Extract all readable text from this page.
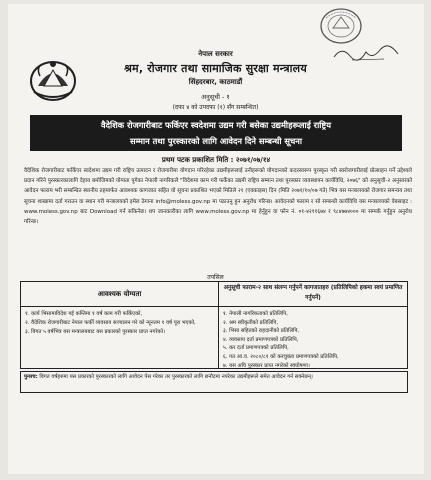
नेपाल सरकार
श्रम, रोजगार तथा सामाजिक सुरक्षा मन्त्रालय
सिंहदरबार, काठमाडौं
अनुसूची - १
(दफा ४ को उपदफा (१) सँग सम्बन्धित)
वैदेशिक रोजगारीबाट फर्किएर स्वदेशमा उद्यम गरी बसेका उद्यमीहरूलाई राष्ट्रिय
सम्मान तथा पुरस्कारको लागि आवेदन दिने सम्बन्धी सूचना
प्रथम पटक प्रकाशित मिति : २०७१/०७/१४
वैदेशिक रोजगारीबाट फर्किएर स्वदेशमा उद्यम गरी राष्ट्रिय उत्पादन र रोजगारीमा योगदान गरिरहेका उद्यमीहरूलाई उनीहरूको योगदानको कदरस्वरूप पुरस्कृत गरी स्वरोजगारीलाई प्रोत्साहन गर्ने उद्देश्यले प्रदान गरिने पुरस्कारकालागि देहाय बमोजिमको योग्यता पुगेका नेपाली नागरिकले "विदेशमा काम गरी फर्केका उद्यमी राष्ट्रिय सम्मान तथा पुरस्कार व्यवस्थापन कार्यविधि, २०७६" को अनुसूची-२ अनुसारको आवेदन फाराम भरी सम्बन्धित स्थानीय तहमार्फत आवश्यक कागजात सहित यो सूचना प्रकाशित भएको मितिले २१ (एक्काइस) दिन (मिति २०७१/१०/०७ गते) भित्र यस मन्त्रालयको रोजगार समन्वय तथा सूचना शाखामा दर्ता गराउन वा स्थान गरी मन्त्रालयको इमेल ठेगाना info@moless.gov.np मा पठाउनु हुन अनुरोध गरिन्छ। आवेदनको फाराम र सो सम्बन्धी कार्यविधि यस मन्त्रालयको वेबसाइट : www.moless.gov.np बाट Download गर्न सकिनेछ। थप जानकारीका लागि www.moless.gov.np मा हेर्नुहुन वा फोन नं. ०१-४२११६७४ र ९८४७७४००० मा सम्पर्क गर्नुहुन अनुरोध गरिन्छ।
तपसिल
आवश्यक योग्यता
अनुसूची फाराम-२ साथ संलग्न गर्नुपर्ने कागजातहरु (प्रतिलिपिको हकमा स्वयं प्रमाणित गर्नुपर्ने)
१. कार्य भिसामाविदेश गई कम्तिमा १ वर्ष काम गरी फर्किएको,
२. वैदेशिक रोजगारीबाट नेपाल फर्की व्यवसाय सञ्चालन गरे को न्यूनतम १ वर्ष पूरा भएको,
३. विगत ५ वर्षभित्र यस मन्त्रालयबाट यस प्रकारको पुरस्कार प्राप्त नगरेको।
१. नेपाली नागरिकताको प्रतिलिपि,
२. श्रम स्वीकृतीको प्रतिलिपि,
३. भिसा सहितको राहदानीको प्रतिलिपि,
४. व्यवसाय दर्ता प्रमाणपत्रको प्रतिलिपि,
५. कर दर्ता प्रमाणपत्रको प्रतिलिपि,
६. गत आ.व. २०८०/८१ को करचुक्ता प्रमाणपत्रको प्रतिलिपि,
७. यस अघि पुरस्कार प्राप्त नगरेको स्वघोषणा।
पुनश्च: विगत वर्षहरुमा यस प्रकारको पुरस्कारको लागि आवेदन पेस गरेका तर पुरस्कारको लागि छनौटमा नपरेका उद्यमीहरूले समेत आवेदन गर्न सक्नेछन्।
